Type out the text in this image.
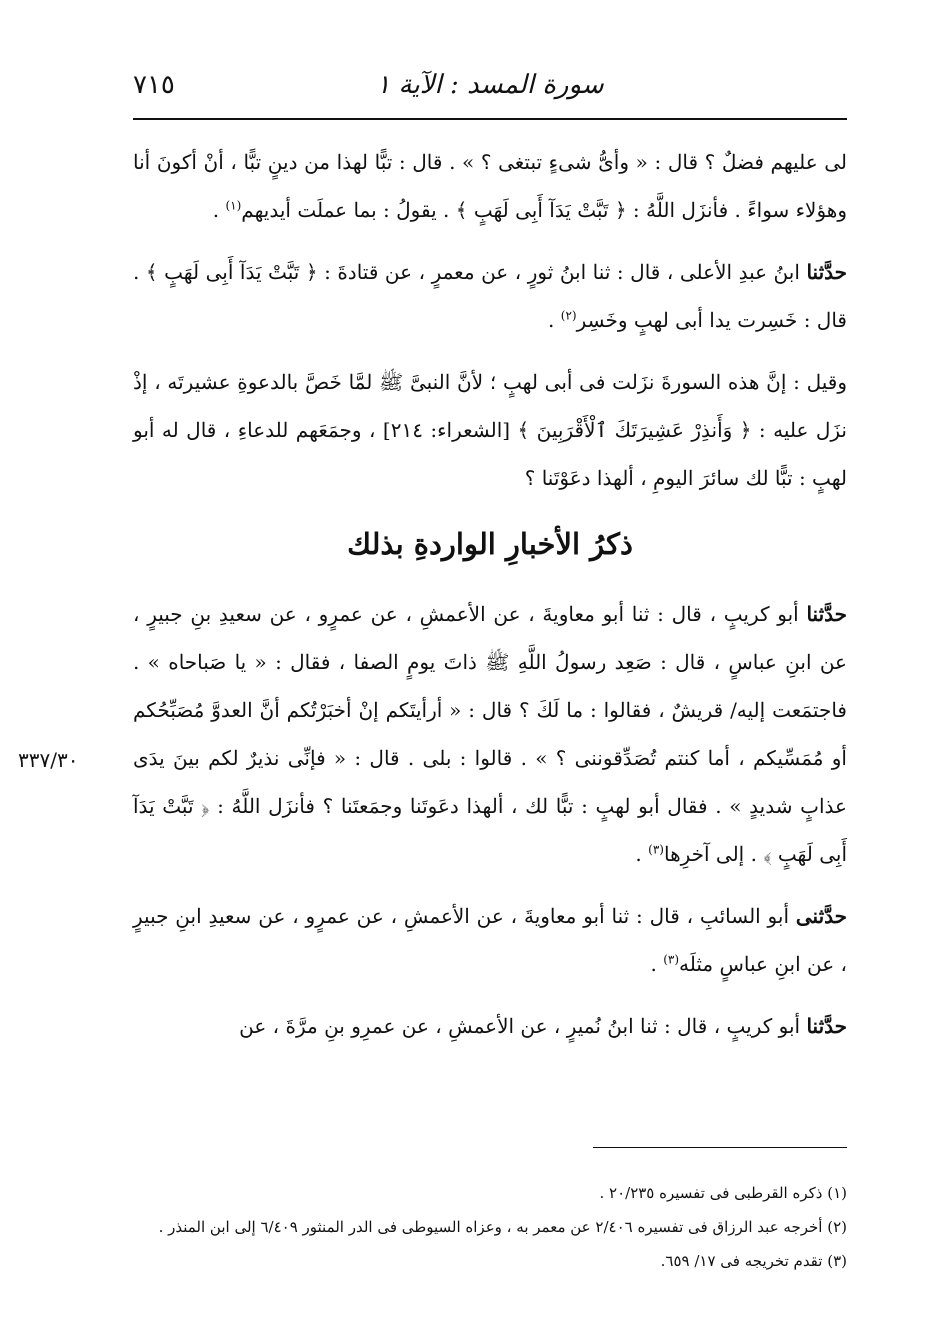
٧١٥	سورة المسد : الآية ١
٣٣٧/٣٠

لى عليهم فضلٌ ؟ قال : « وأىُّ شىءٍ تبتغى ؟ » . قال : تبًّا لهذا من دينٍ تبًّا ، أنْ أكونَ أنا وهؤلاء سواءً . فأنزَل اللَّهُ : ﴿ تَبَّتْ يَدَآ أَبِى لَهَبٍ ﴾ . يقولُ : بما عملَت أيديهم$^{(١)}$ .

حدَّثنا ابنُ عبدِ الأعلى ، قال : ثنا ابنُ ثورٍ ، عن معمرٍ ، عن قتادةَ : ﴿ تَبَّتْ يَدَآ أَبِى لَهَبٍ ﴾ . قال : خَسِرت يدا أبى لهبٍ وخَسِر$^{(٢)}$ .

وقيل : إنَّ هذه السورةَ نزَلت فى أبى لهبٍ ؛ لأنَّ النبىَّ ﷺ لمَّا خَصَّ بالدعوةِ عشيرتَه ، إذْ نزَل عليه : ﴿ وَأَنذِرْ عَشِيرَتَكَ ٱلْأَقْرَبِينَ ﴾ [الشعراء: ٢١٤] ، وجمَعَهم للدعاءِ ، قال له أبو لهبٍ : تبًّا لك سائرَ اليومِ ، ألهذا دعَوْتَنا ؟

ذكرُ الأخبارِ الواردةِ بذلك

حدَّثنا أبو كريبٍ ، قال : ثنا أبو معاويةَ ، عن الأعمشِ ، عن عمرٍو ، عن سعيدِ بنِ جبيرٍ ، عن ابنِ عباسٍ ، قال : صَعِد رسولُ اللَّهِ ﷺ ذاتَ يومٍ الصفا ، فقال : « يا صَباحاه » . فاجتمَعت إليه/ قريشٌ ، فقالوا : ما لَكَ ؟ قال : « أرأيتَكم إنْ أخبَرْتُكم أنَّ العدوَّ مُصَبِّحُكم أو مُمَسِّيكم ، أما كنتم تُصَدِّقوننى ؟ » . قالوا : بلى . قال : « فإنِّى نذيرٌ لكم بينَ يدَى عذابٍ شديدٍ » . فقال أبو لهبٍ : تبًّا لك ، ألهذا دعَوتَنا وجمَعتَنا ؟ فأنزَل اللَّهُ : ﴿ تَبَّتْ يَدَآ أَبِى لَهَبٍ ﴾ . إلى آخرِها$^{(٣)}$ .

حدَّثنى أبو السائبِ ، قال : ثنا أبو معاويةَ ، عن الأعمشِ ، عن عمرٍو ، عن سعيدِ ابنِ جبيرٍ ، عن ابنِ عباسٍ مثلَه$^{(٣)}$ .

حدَّثنا أبو كريبٍ ، قال : ثنا ابنُ نُميرٍ ، عن الأعمشِ ، عن عمرِو بنِ مرَّةَ ، عن

(١) ذكره القرطبى فى تفسيره ٢٠/٢٣٥ .

(٢) أخرجه عبد الرزاق فى تفسيره ٢/٤٠٦ عن معمر به ، وعزاه السيوطى فى الدر المنثور ٦/٤٠٩ إلى ابن المنذر .

(٣) تقدم تخريجه فى ١٧/ ٦٥٩.
